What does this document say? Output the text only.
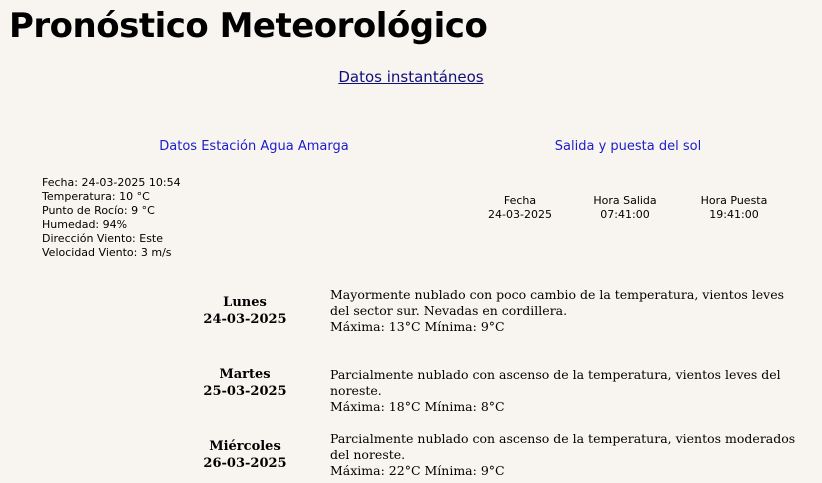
Pronóstico Meteorológico
Datos instantáneos
Datos Estación Agua Amarga	Salida y puesta del sol
Fecha: 24-03-2025 10:54
Temperatura: 10 °C
Punto de Rocío: 9 °C
Humedad: 94%
Dirección Viento: Este
Velocidad Viento: 3 m/s
Fecha
24-03-2025
Hora Salida
07:41:00
Hora Puesta
19:41:00
Lunes
24-03-2025
Mayormente nublado con poco cambio de la temperatura, vientos leves del sector sur. Nevadas en cordillera.
Máxima: 13°C Mínima: 9°C
Martes
25-03-2025
Parcialmente nublado con ascenso de la temperatura, vientos leves del noreste.
Máxima: 18°C Mínima: 8°C
Miércoles
26-03-2025
Parcialmente nublado con ascenso de la temperatura, vientos moderados del noreste.
Máxima: 22°C Mínima: 9°C
